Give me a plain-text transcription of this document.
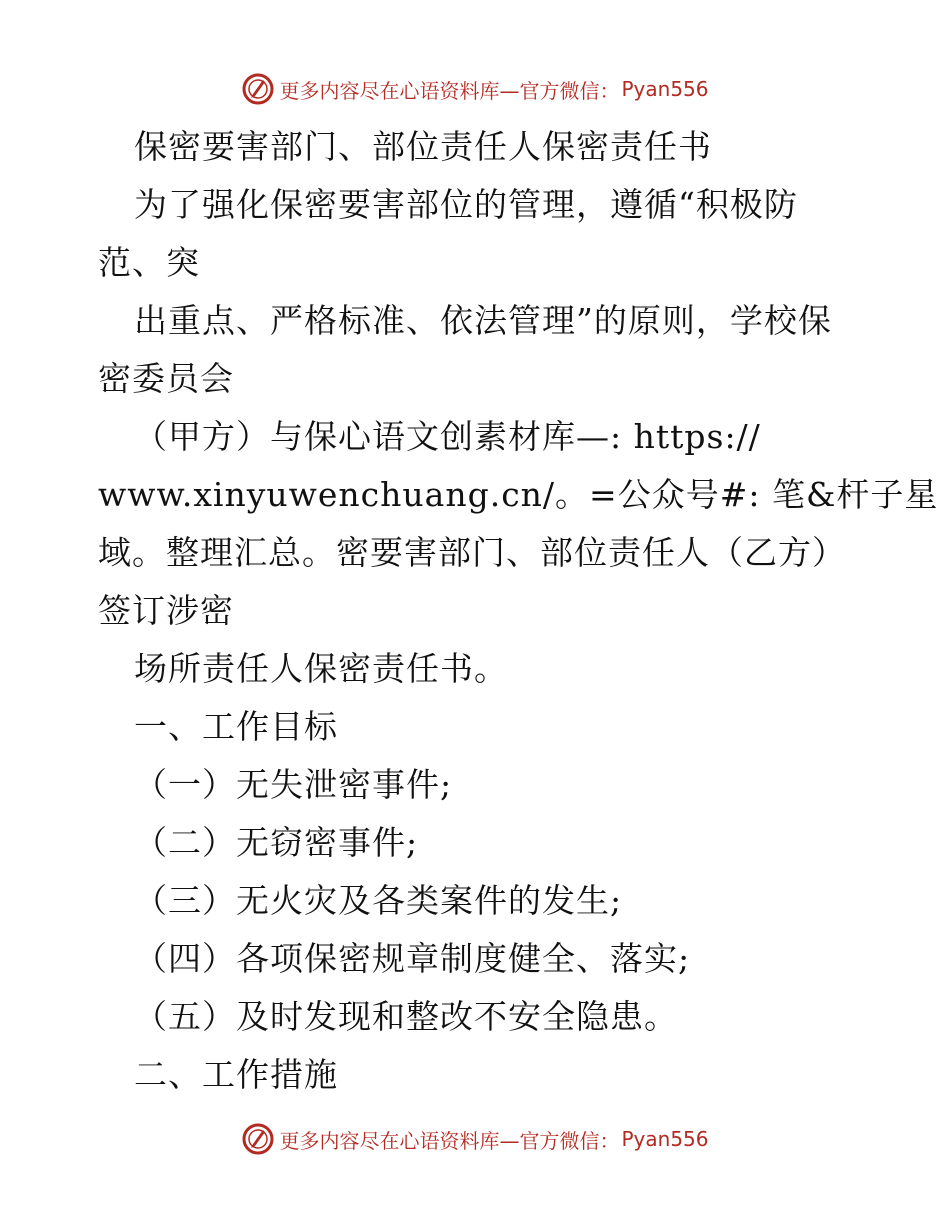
更多内容尽在心语资料库—官方微信： Pyan556
保密要害部门、部位责任人保密责任书
为了强化保密要害部位的管理，遵循“积极防
范、突
出重点、严格标准、依法管理”的原则，学校保
密委员会
（甲方）与保心语文创素材库—: https://
www.xinyuwenchuang.cn/。=公众号#: 笔&杆子星
域。整理汇总。密要害部门、部位责任人（乙方）
签订涉密
场所责任人保密责任书。
一、工作目标
（一）无失泄密事件;
（二）无窃密事件;
（三）无火灾及各类案件的发生;
（四）各项保密规章制度健全、落实;
（五）及时发现和整改不安全隐患。
二、工作措施
更多内容尽在心语资料库—官方微信： Pyan556
